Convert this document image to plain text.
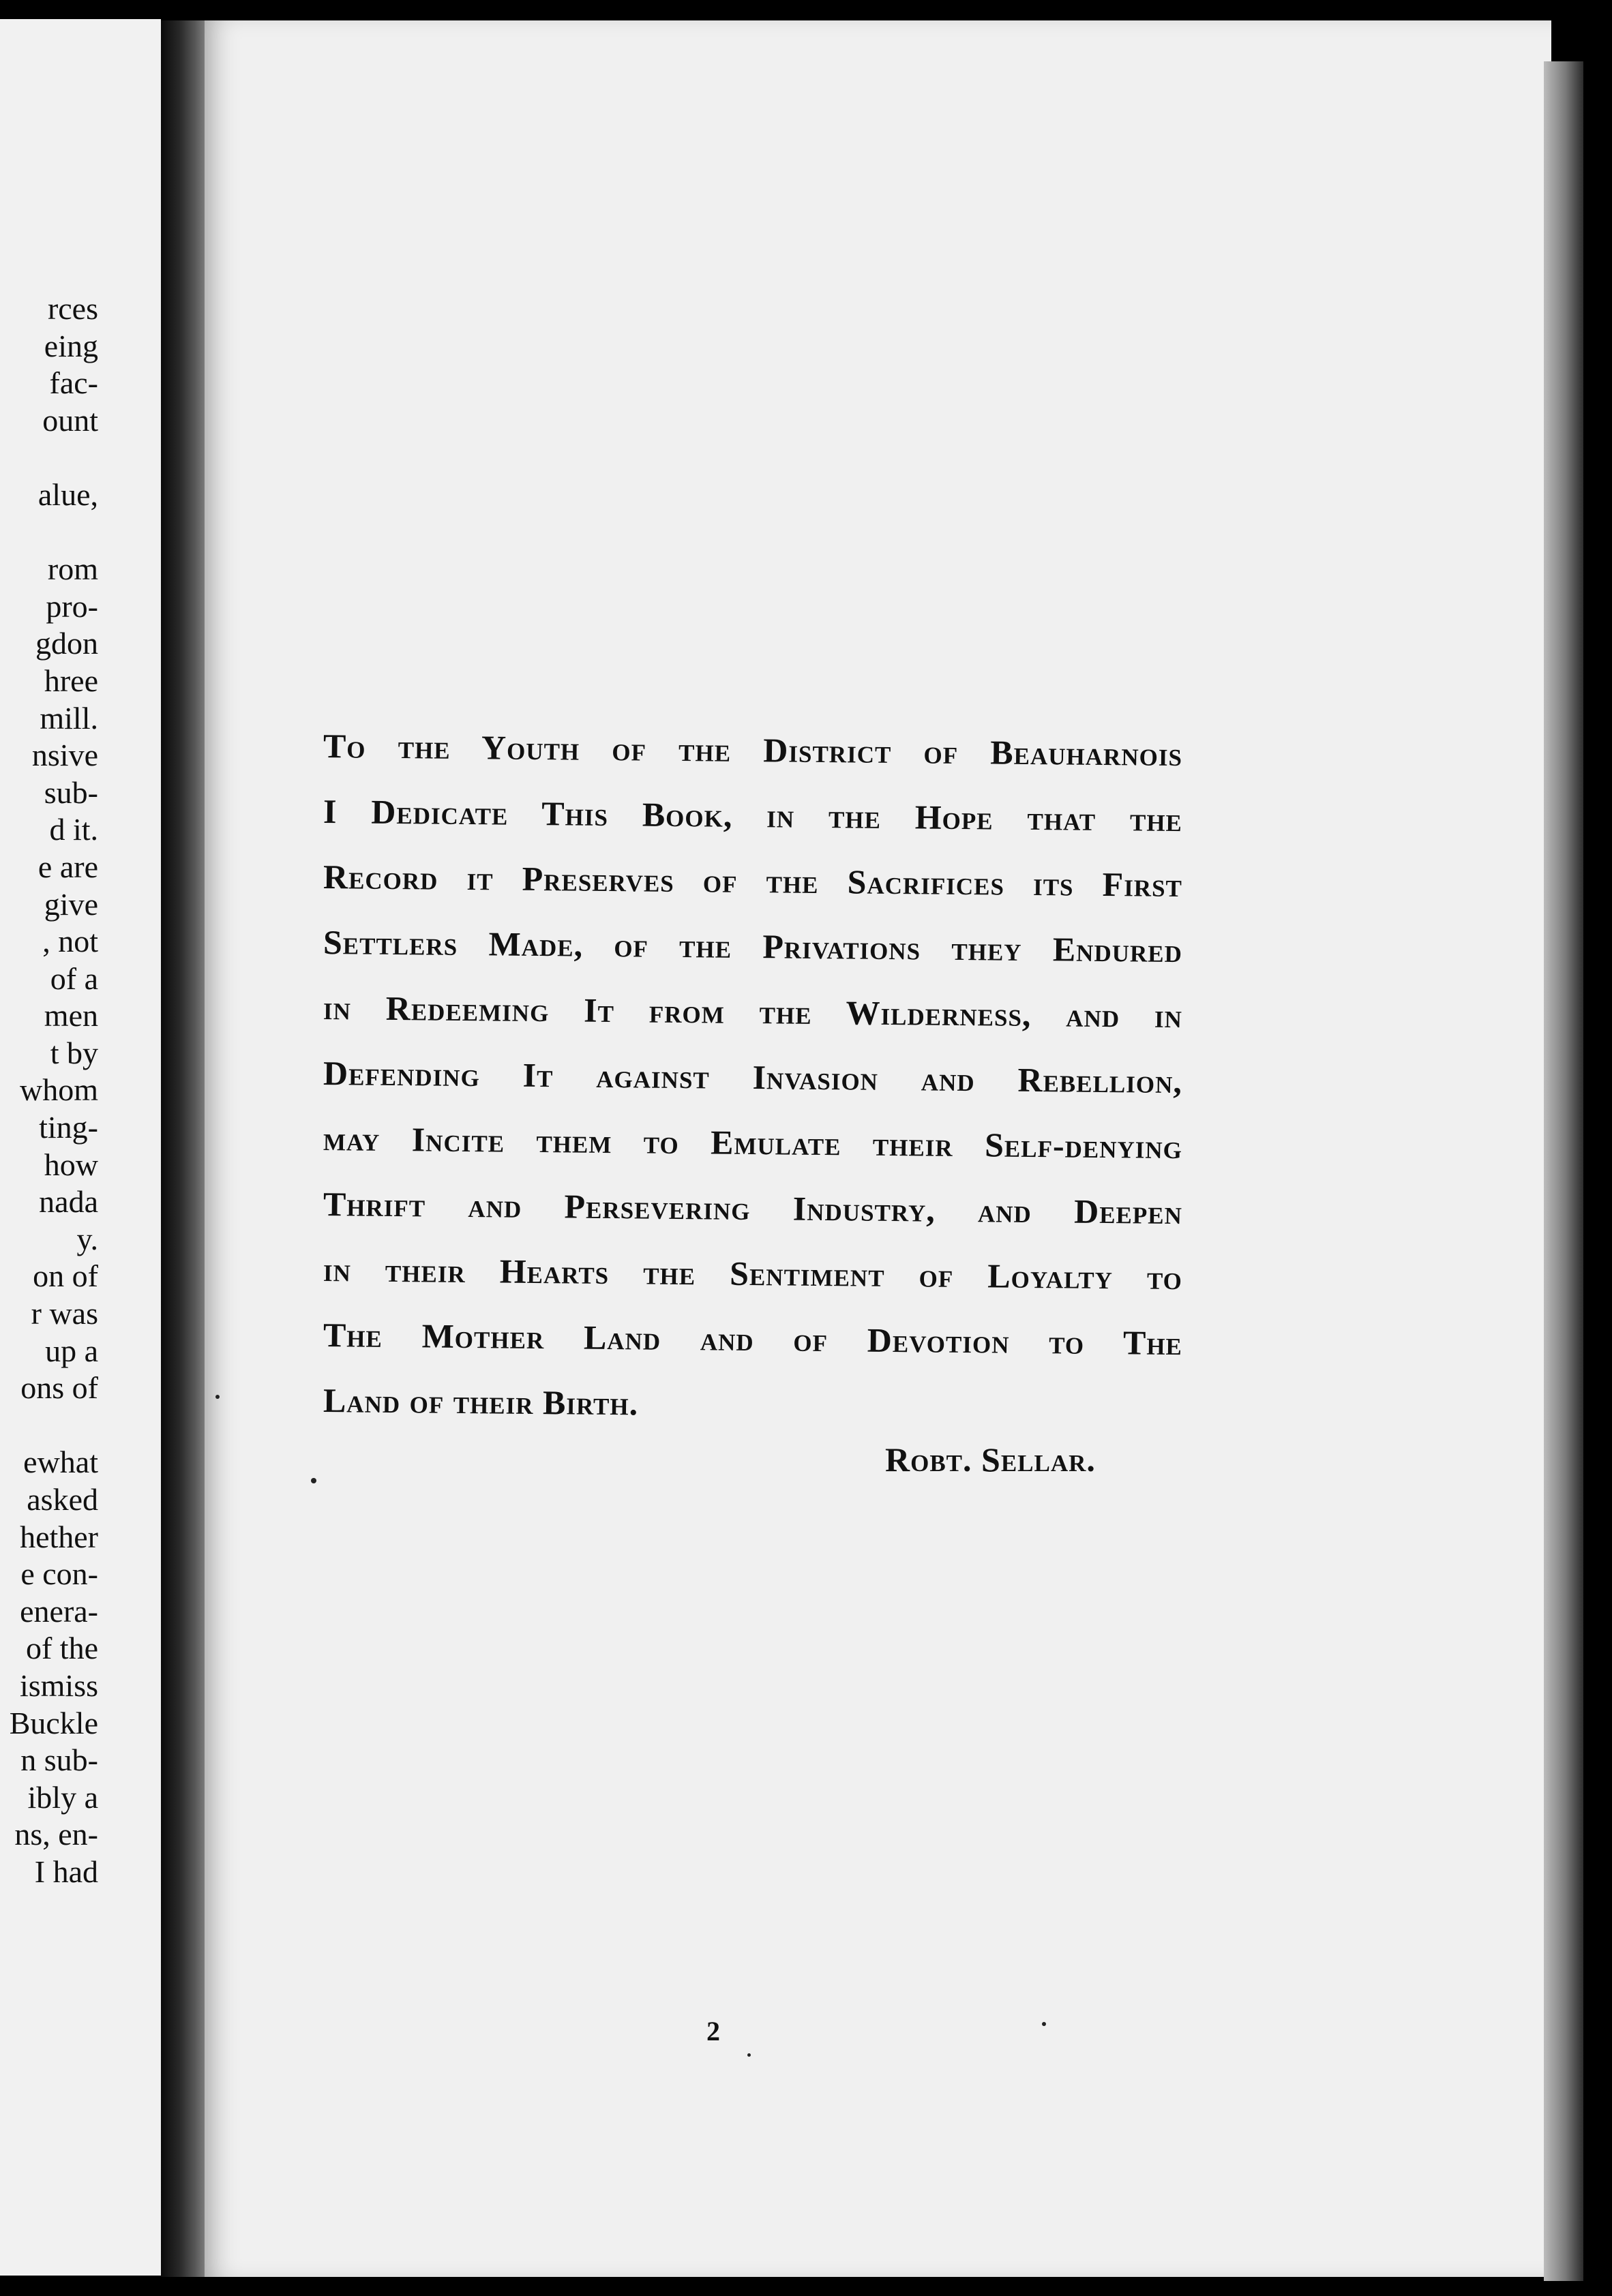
rces
eing
fac-
ount
alue,
rom
pro-
gdon
hree
mill.
nsive
sub-
d it.
e are
give
, not
of a
men
t by
whom
ting-
how
nada
y.
on of
r was
up a
ons of
ewhat
asked
hether
e con-
enera-
of the
ismiss
Buckle
n sub-
ibly a
ns, en-
I had
To the Youth of the District of Beauharnois
I Dedicate This Book, in the Hope that the
Record it Preserves of the Sacrifices its First
Settlers Made, of the Privations they Endured
in Redeeming It from the Wilderness, and in
Defending It against Invasion and Rebellion,
may Incite them to Emulate their Self-denying
Thrift and Persevering Industry, and Deepen
in their Hearts the Sentiment of Loyalty to
The Mother Land and of Devotion to The
Land of their Birth.
Robt. Sellar.
2
